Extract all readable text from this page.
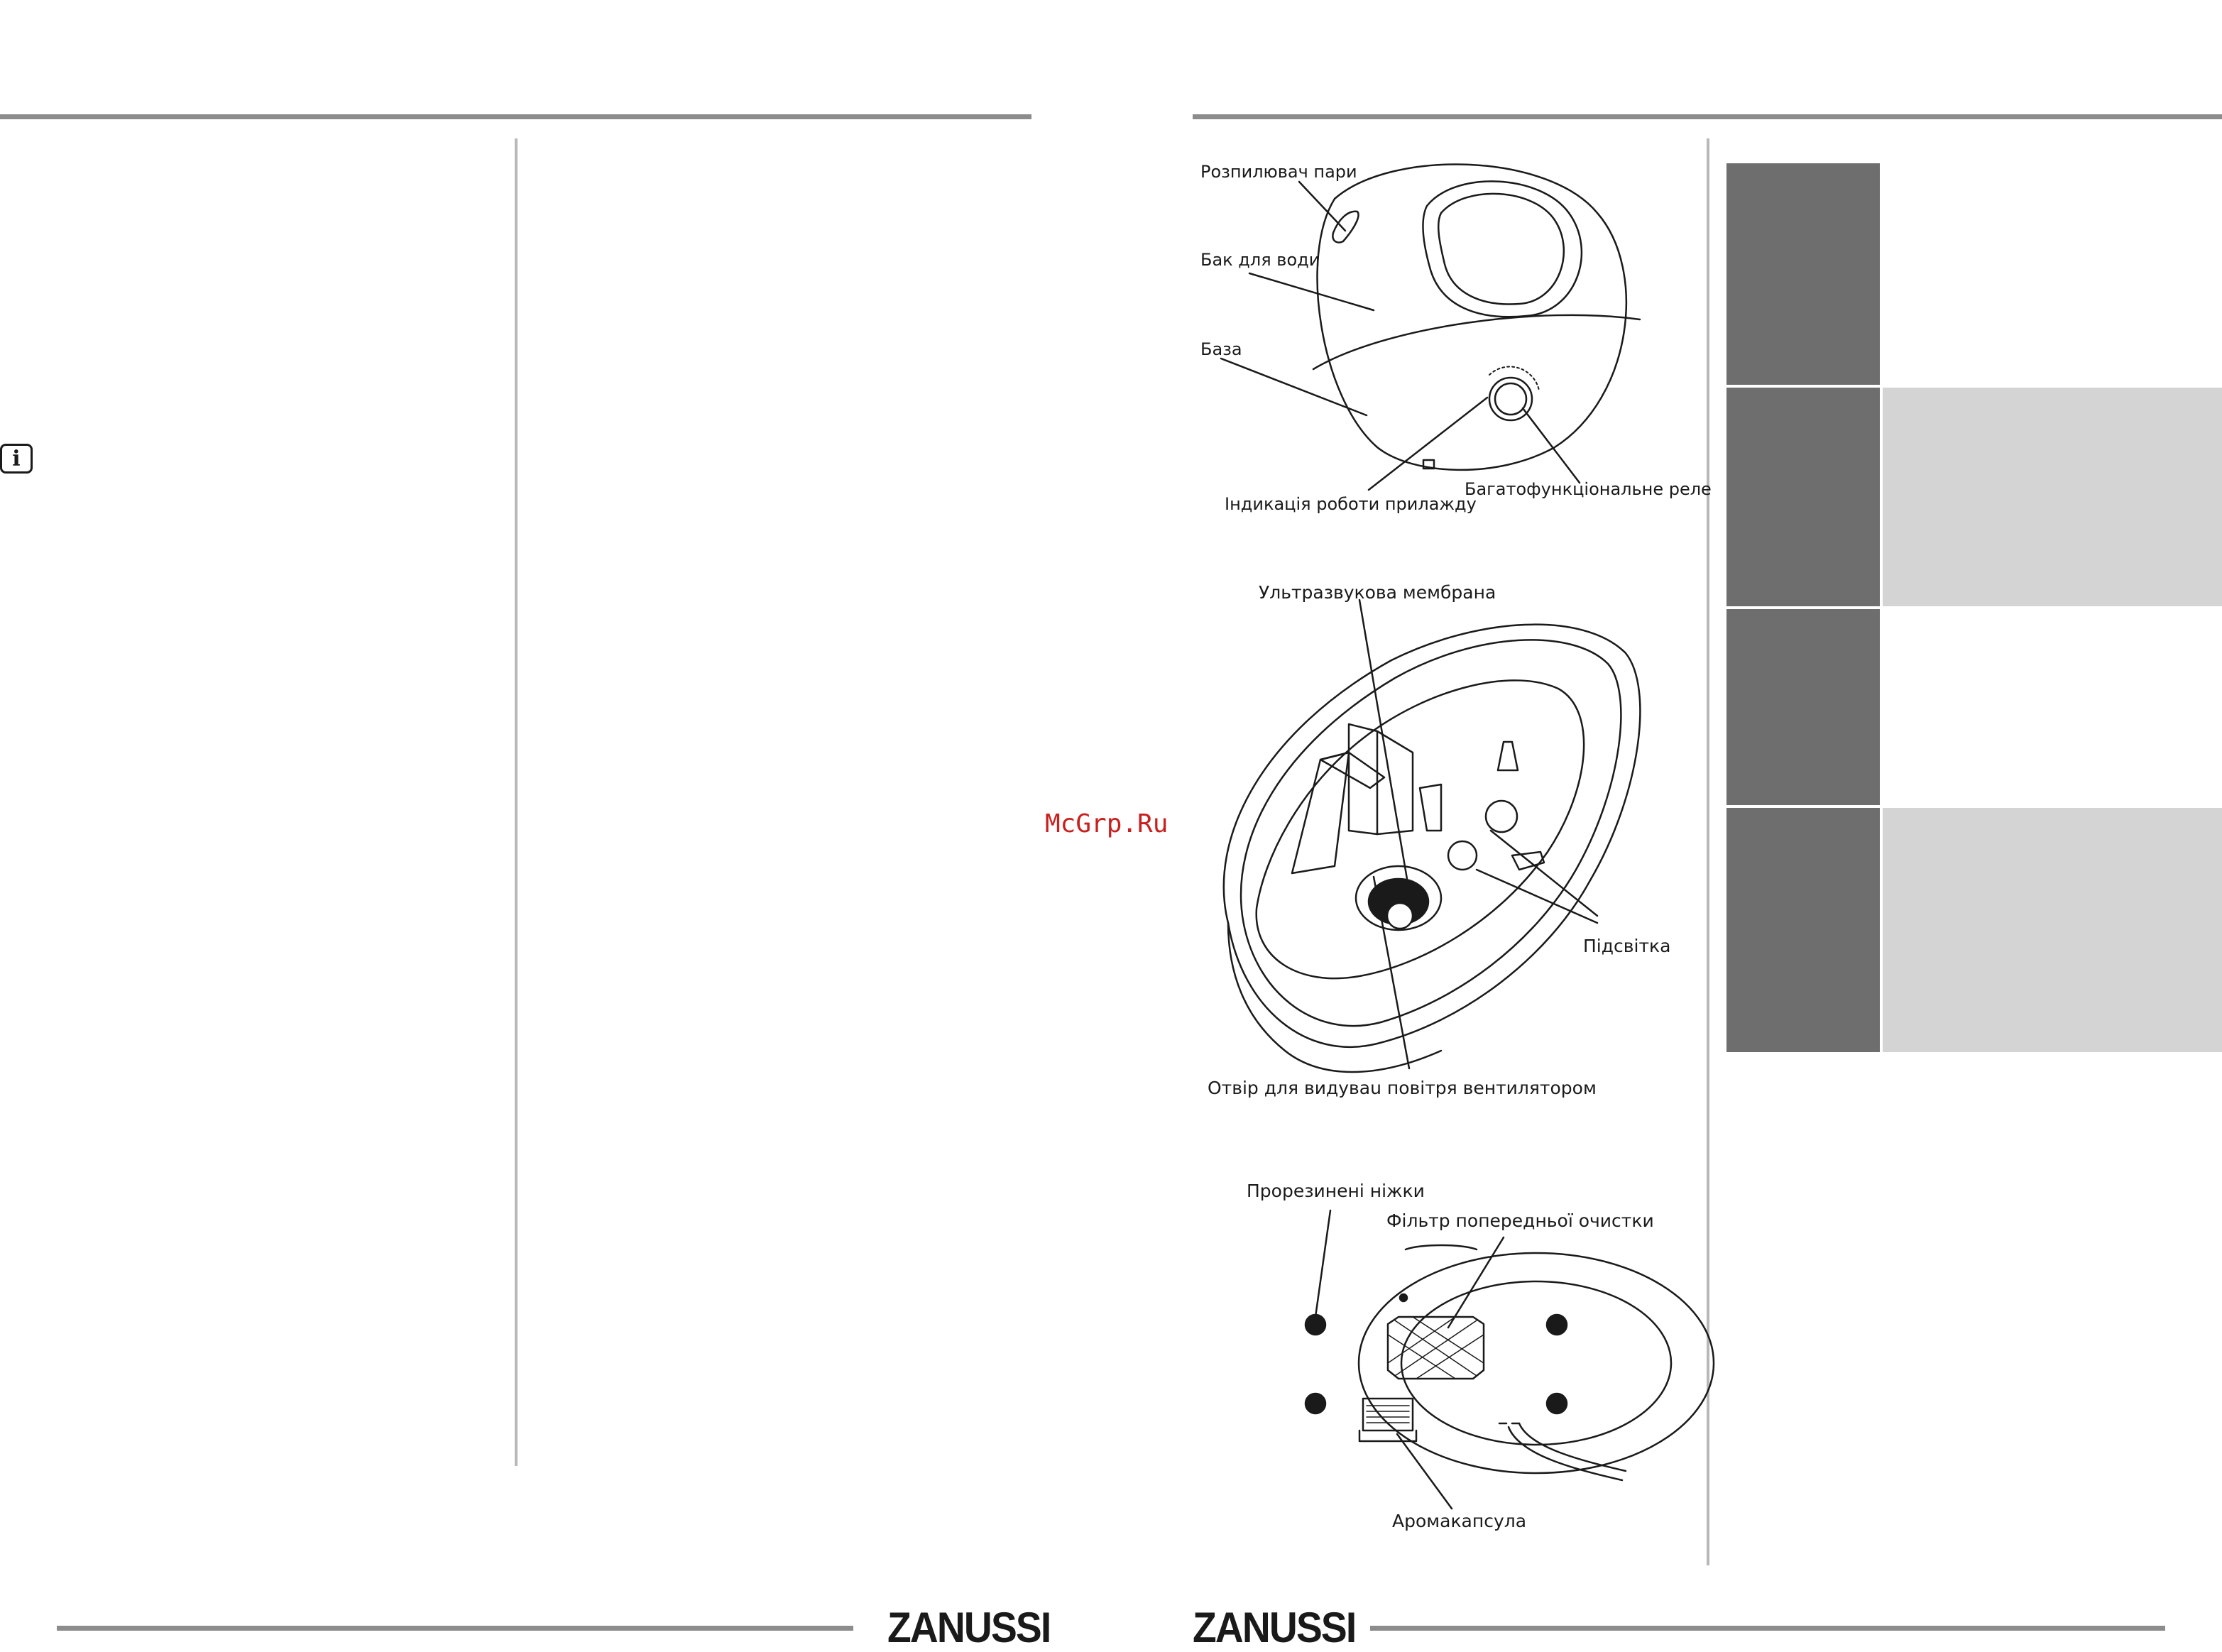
i
McGrp.Ru
Розпилювач пари
Бак для води
База
Індикація роботи прилажду
Багатофункціональне реле
Ультразвукова мембрана
Підсвітка
Отвір для видуваu повітря вентилятором
Прорезинені ніжки
Фільтр попередньої очистки
Аромакапсула
ZANUSSI	ZANUSSI
